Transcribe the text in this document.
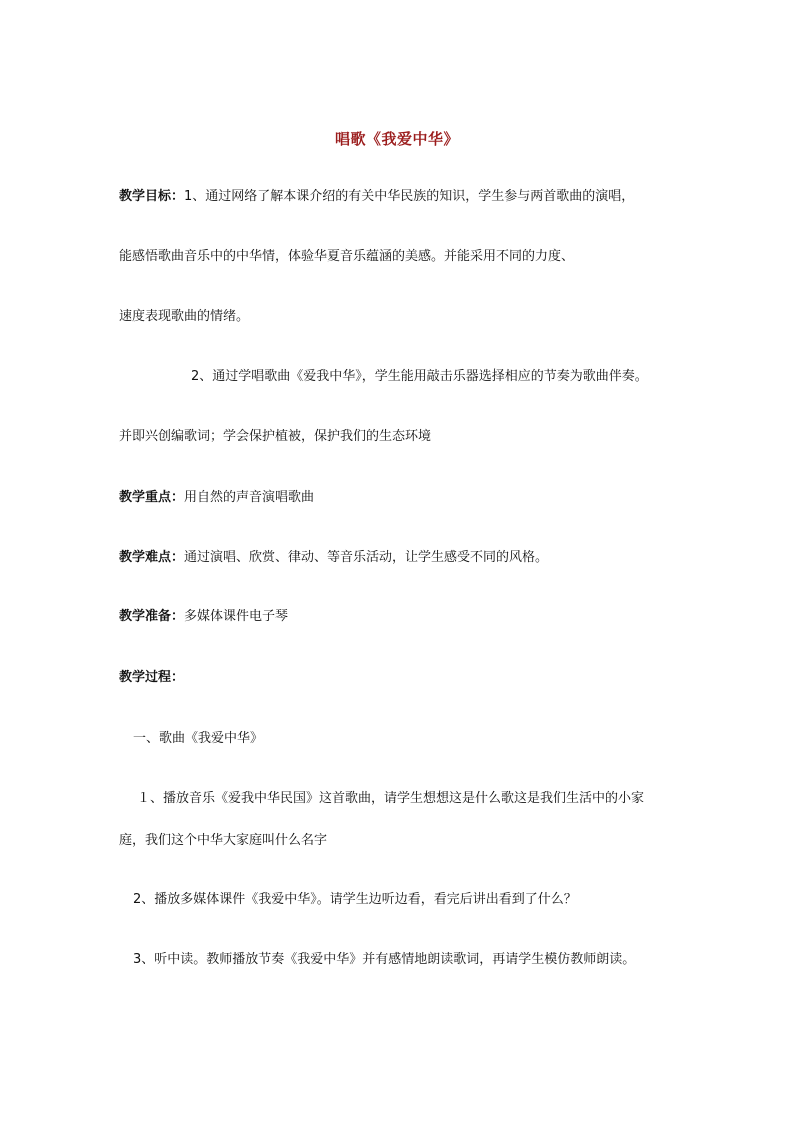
唱歌《我爱中华》
教学目标：1、通过网络了解本课介绍的有关中华民族的知识，学生参与两首歌曲的演唱，
能感悟歌曲音乐中的中华情，体验华夏音乐蕴涵的美感。并能采用不同的力度、
速度表现歌曲的情绪。
2、通过学唱歌曲《爱我中华》，学生能用敲击乐器选择相应的节奏为歌曲伴奏。
并即兴创编歌词；学会保护植被，保护我们的生态环境
教学重点：用自然的声音演唱歌曲
教学难点：通过演唱、欣赏、律动、等音乐活动，让学生感受不同的风格。
教学准备：多媒体课件电子琴
教学过程：
一、歌曲《我爱中华》
１、播放音乐《爱我中华民国》这首歌曲，请学生想想这是什么歌这是我们生活中的小家
庭，我们这个中华大家庭叫什么名字
2、播放多媒体课件《我爱中华》。请学生边听边看，看完后讲出看到了什么？
3、听中读。教师播放节奏《我爱中华》并有感情地朗读歌词，再请学生模仿教师朗读。
